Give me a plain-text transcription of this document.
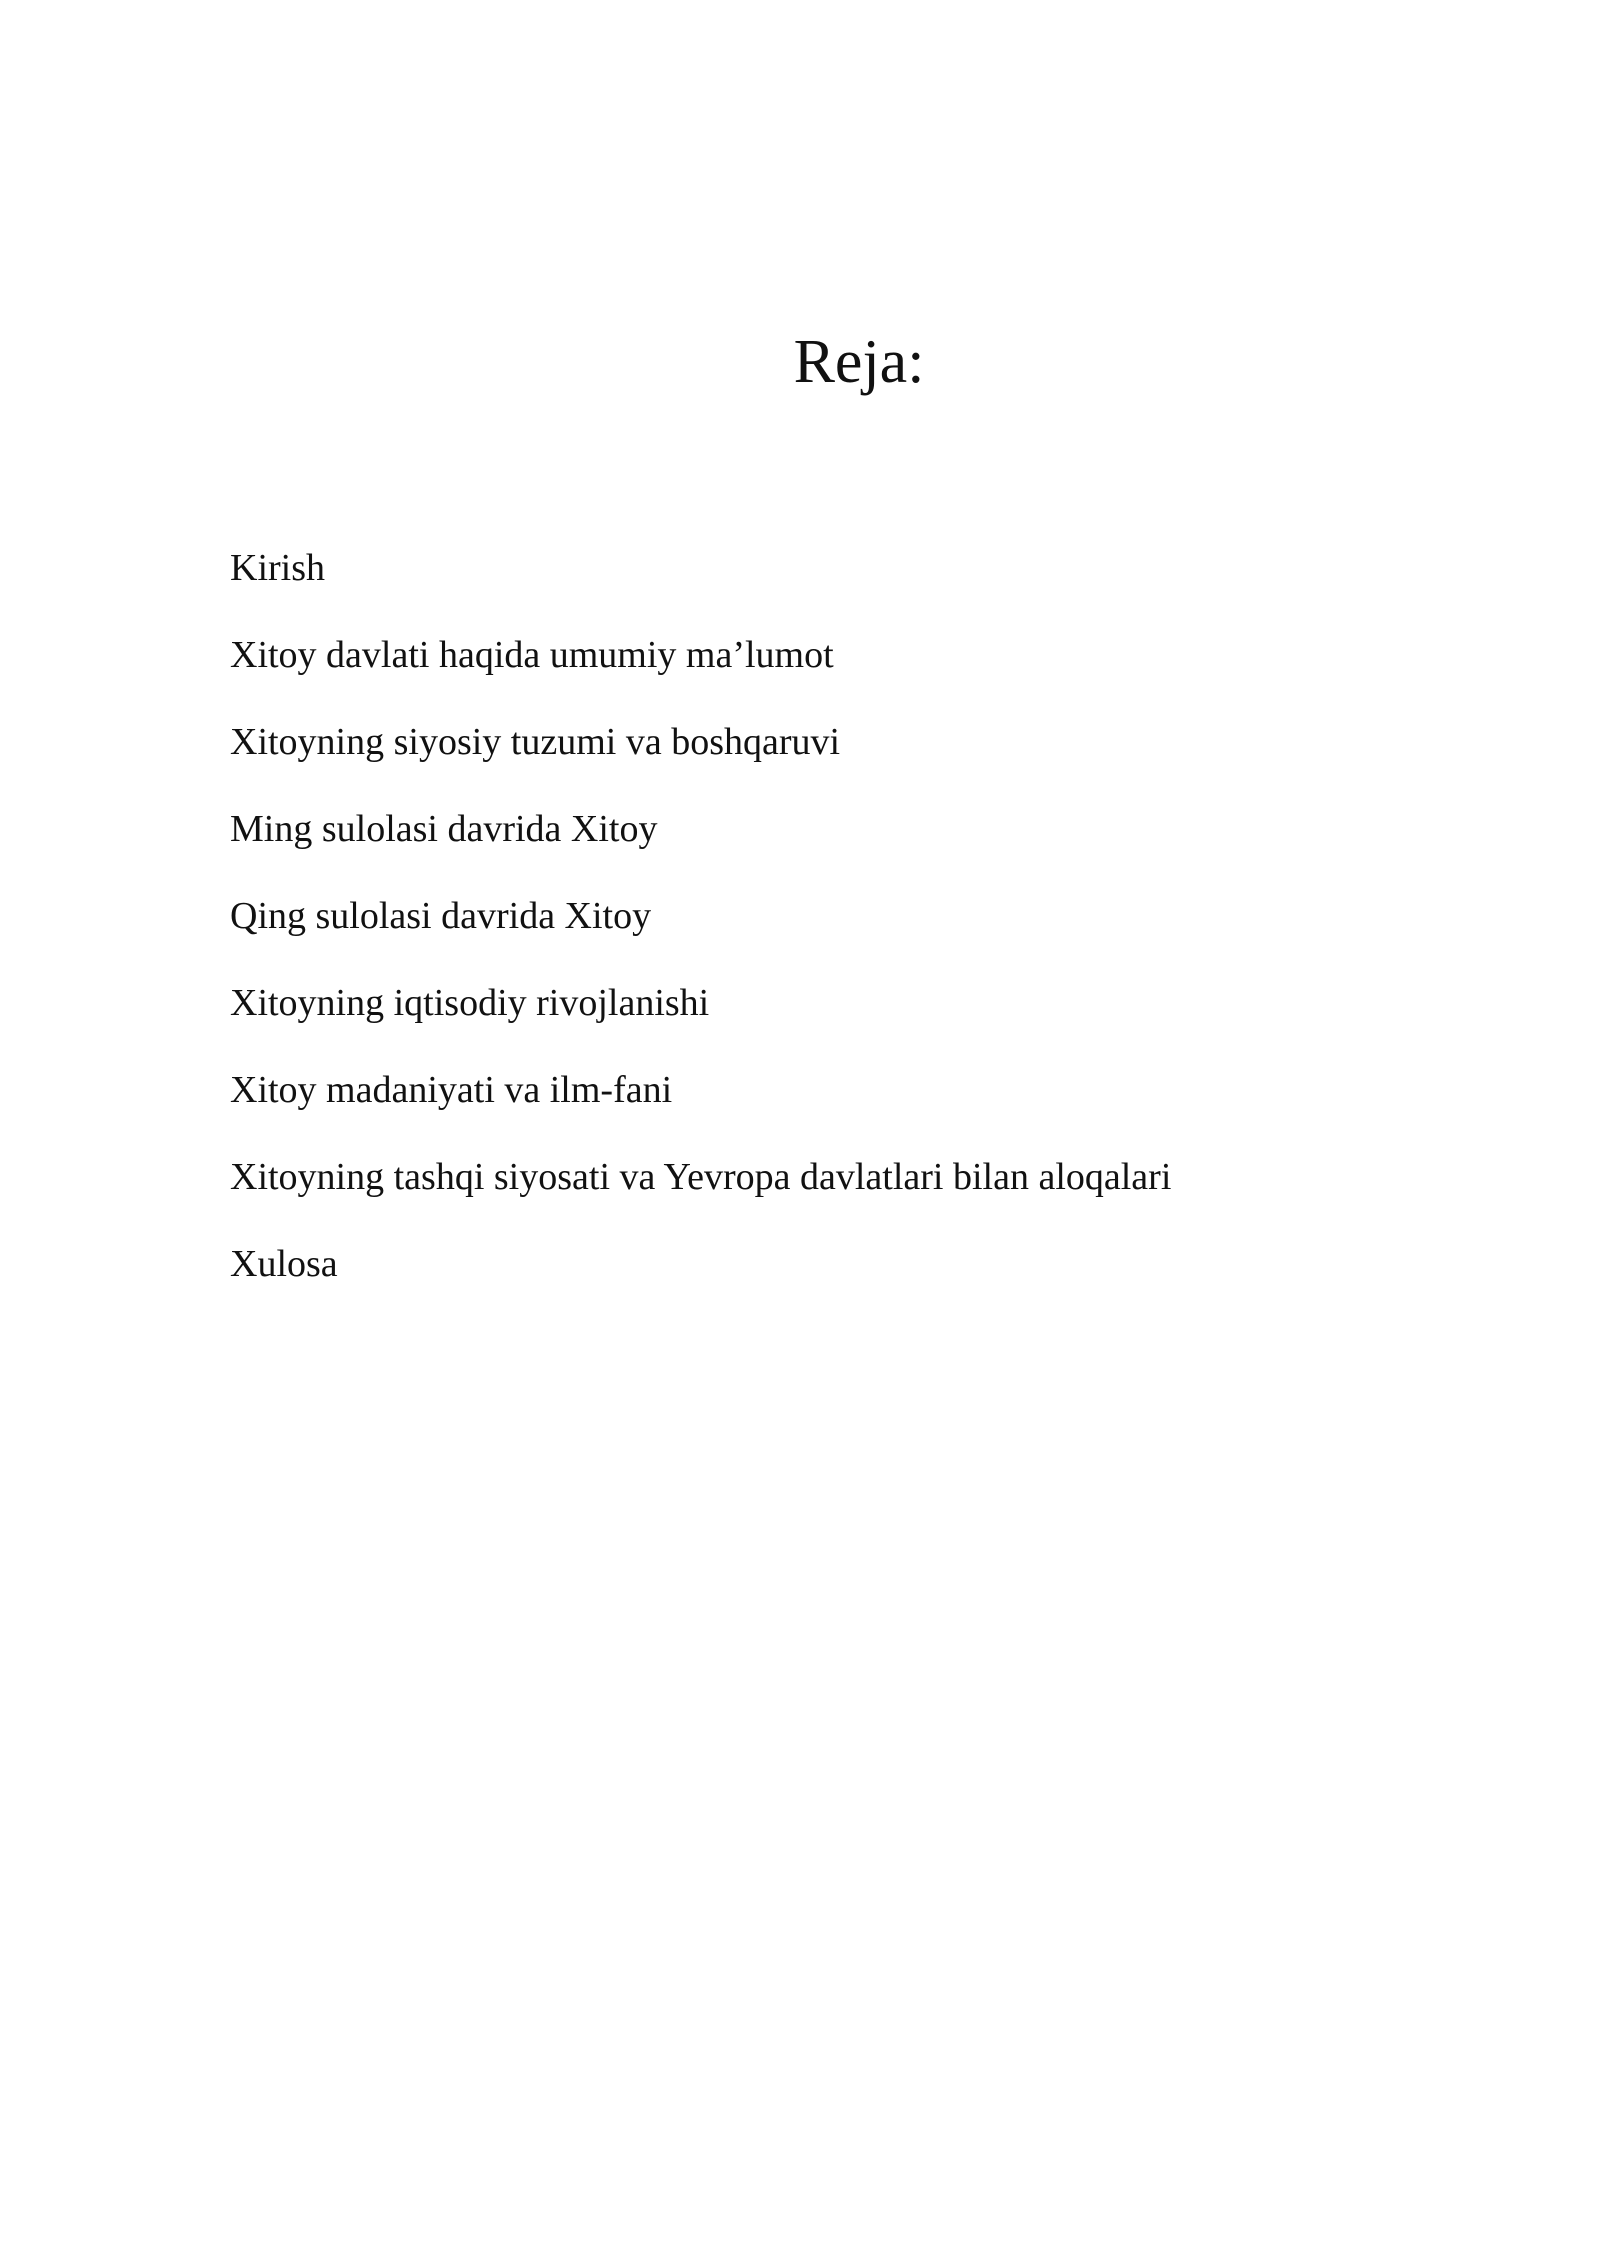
Reja:
Kirish
Xitoy davlati haqida umumiy ma’lumot
Xitoyning siyosiy tuzumi va boshqaruvi
Ming sulolasi davrida Xitoy
Qing sulolasi davrida Xitoy
Xitoyning iqtisodiy rivojlanishi
Xitoy madaniyati va ilm-fani
Xitoyning tashqi siyosati va Yevropa davlatlari bilan aloqalari
Xulosa
